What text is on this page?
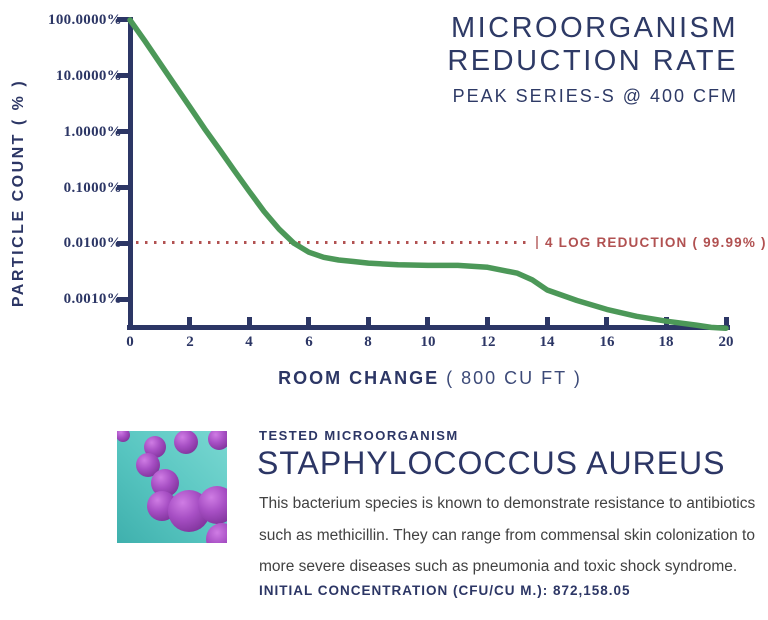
MICROORGANISM
REDUCTION RATE
PEAK SERIES-S @ 400 CFM
100.0000%
10.0000%
1.0000%
0.1000%
0.0100%
0.0010%
0	2	4	6	8	10	12	14	16	18	20
PARTICLE COUNT ( % )
ROOM CHANGE ( 800 CU FT )
4 LOG REDUCTION ( 99.99% )
TESTED MICROORGANISM
STAPHYLOCOCCUS AUREUS
This bacterium species is known to demonstrate resistance to antibiotics
such as methicillin. They can range from commensal skin colonization to
more severe diseases such as pneumonia and toxic shock syndrome.
INITIAL CONCENTRATION (CFU/CU M.): 872,158.05
